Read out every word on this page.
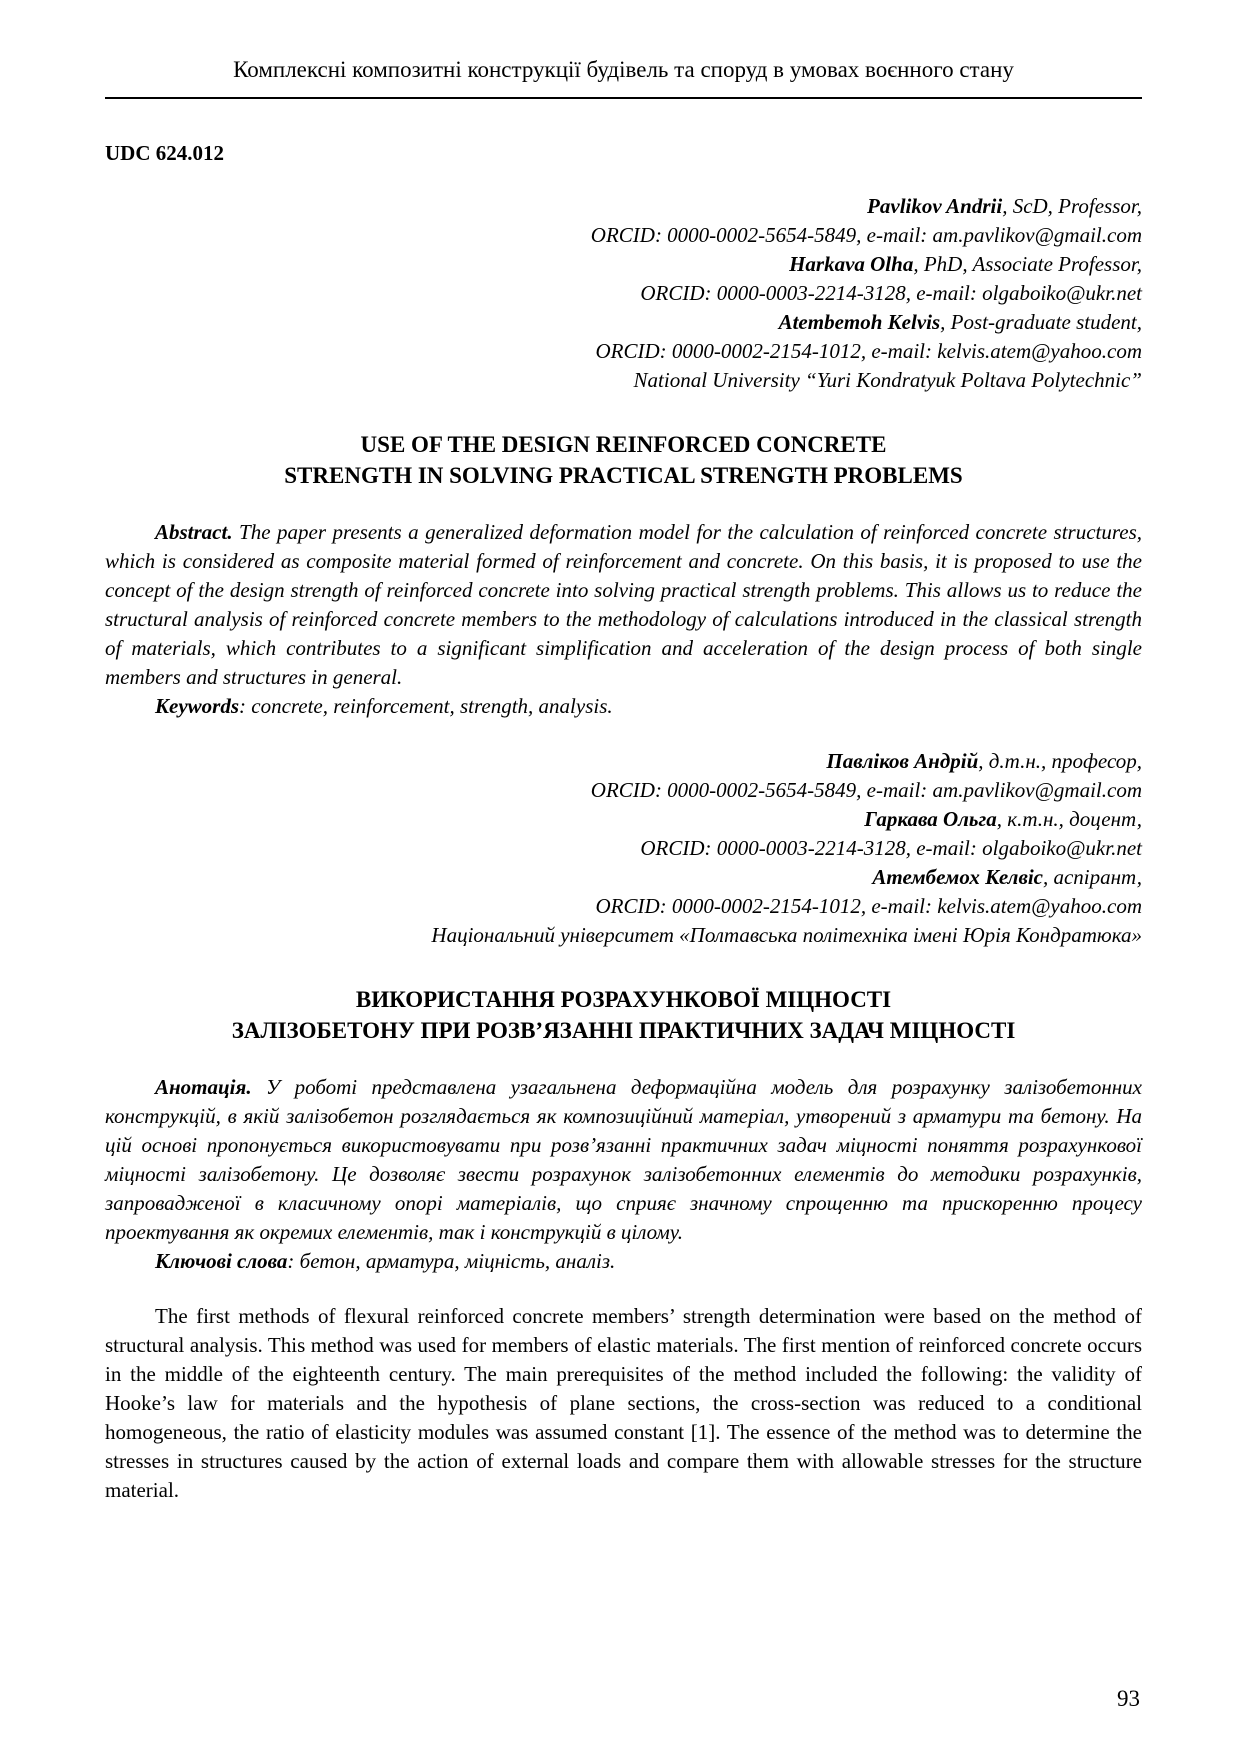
Комплексні композитні конструкції будівель та споруд в умовах воєнного стану
UDC 624.012
Pavlikov Andrii, ScD, Professor,
ORCID: 0000-0002-5654-5849, e-mail: am.pavlikov@gmail.com
Harkava Olha, PhD, Associate Professor,
ORCID: 0000-0003-2214-3128, e-mail: olgaboiko@ukr.net
Atembemoh Kelvis, Post-graduate student,
ORCID: 0000-0002-2154-1012, e-mail: kelvis.atem@yahoo.com
National University “Yuri Kondratyuk Poltava Polytechnic”
USE OF THE DESIGN REINFORCED CONCRETE
STRENGTH IN SOLVING PRACTICAL STRENGTH PROBLEMS

Abstract. The paper presents a generalized deformation model for the calculation of reinforced concrete structures, which is considered as composite material formed of reinforcement and concrete. On this basis, it is proposed to use the concept of the design strength of reinforced concrete into solving practical strength problems. This allows us to reduce the structural analysis of reinforced concrete members to the methodology of calculations introduced in the classical strength of materials, which contributes to a significant simplification and acceleration of the design process of both single members and structures in general.

Keywords: concrete, reinforcement, strength, analysis.

Павліков Андрій, д.т.н., професор,
ORCID: 0000-0002-5654-5849, e-mail: am.pavlikov@gmail.com
Гаркава Ольга, к.т.н., доцент,
ORCID: 0000-0003-2214-3128, e-mail: olgaboiko@ukr.net
Атембемох Келвіс, аспірант,
ORCID: 0000-0002-2154-1012, e-mail: kelvis.atem@yahoo.com
Національний університет «Полтавська політехніка імені Юрія Кондратюка»
ВИКОРИСТАННЯ РОЗРАХУНКОВОЇ МІЦНОСТІ
ЗАЛІЗОБЕТОНУ ПРИ РОЗВ’ЯЗАННІ ПРАКТИЧНИХ ЗАДАЧ МІЦНОСТІ

Анотація. У роботі представлена узагальнена деформаційна модель для розрахунку залізобетонних конструкцій, в якій залізобетон розглядається як композиційний матеріал, утворений з арматури та бетону. На цій основі пропонується використовувати при розв’язанні практичних задач міцності поняття розрахункової міцності залізобетону. Це дозволяє звести розрахунок залізобетонних елементів до методики розрахунків, запровадженої в класичному опорі матеріалів, що сприяє значному спрощенню та прискоренню процесу проектування як окремих елементів, так і конструкцій в цілому.

Ключові слова: бетон, арматура, міцність, аналіз.

The first methods of flexural reinforced concrete members’ strength determination were based on the method of structural analysis. This method was used for members of elastic materials. The first mention of reinforced concrete occurs in the middle of the eighteenth century. The main prerequisites of the method included the following: the validity of Hooke’s law for materials and the hypothesis of plane sections, the cross-section was reduced to a conditional homogeneous, the ratio of elasticity modules was assumed constant [1]. The essence of the method was to determine the stresses in structures caused by the action of external loads and compare them with allowable stresses for the structure material.

93
